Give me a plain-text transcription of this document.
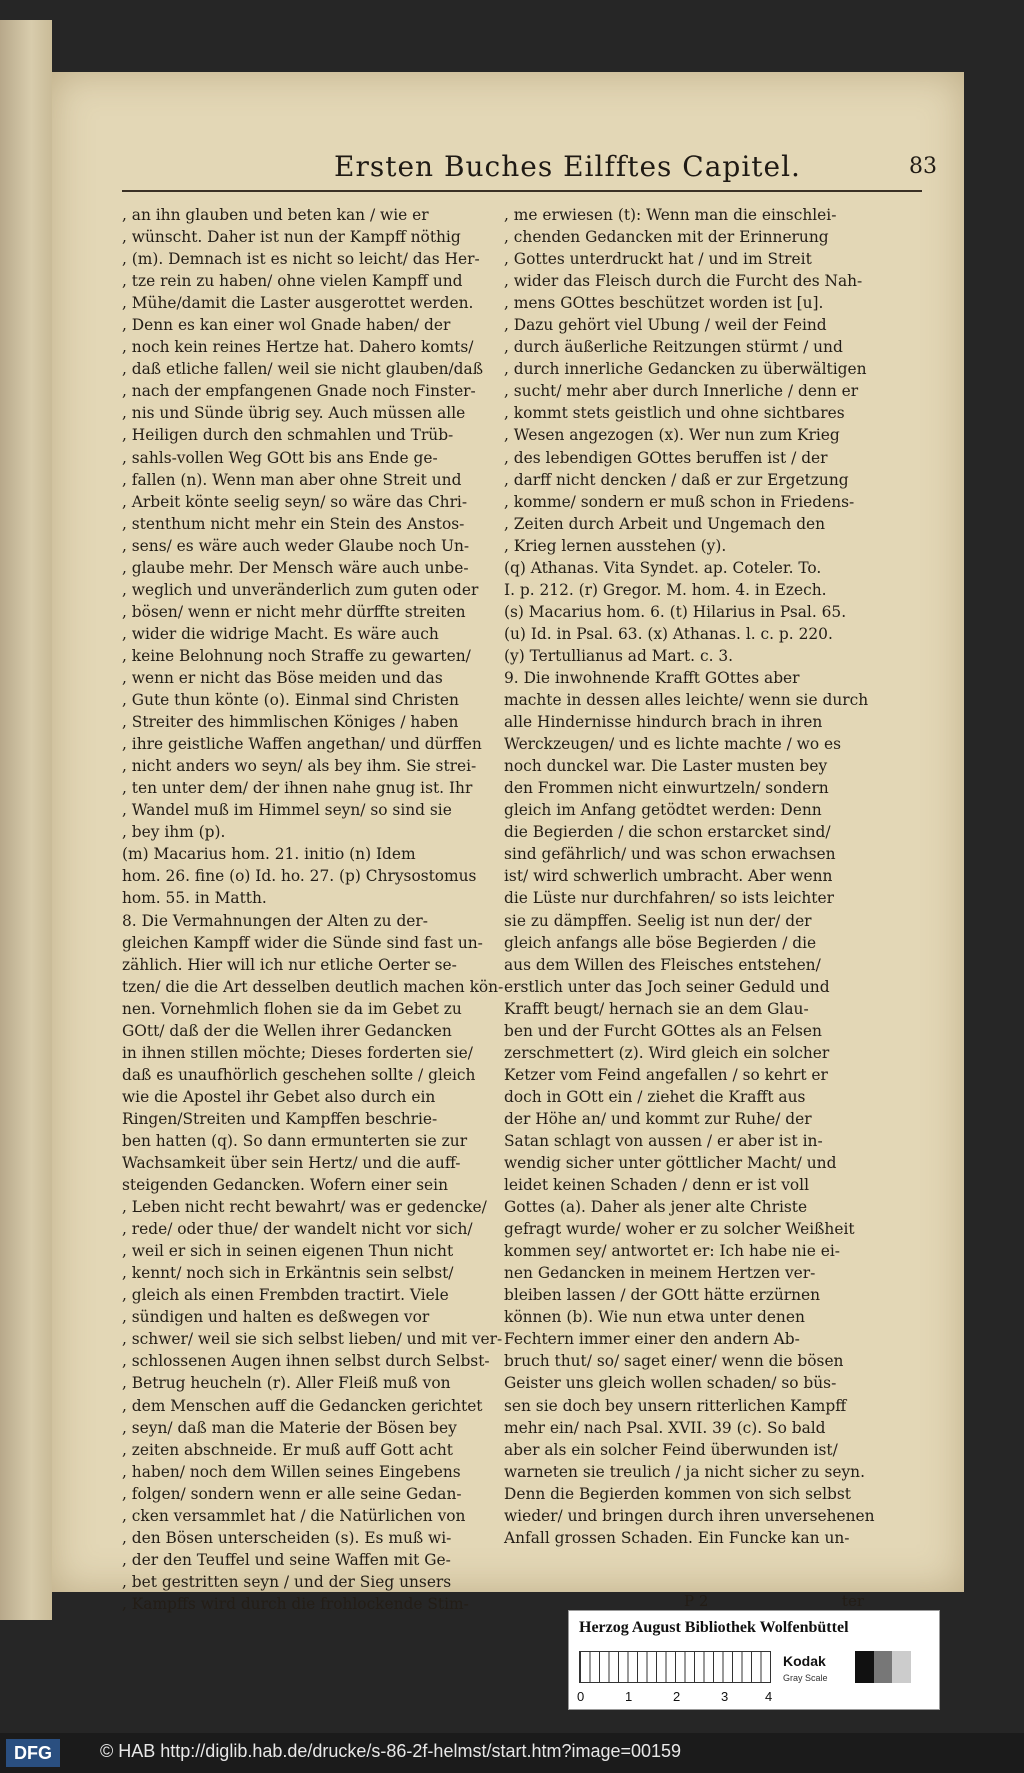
Ersten Buches Eilfftes Capitel.	83
, an ihn glauben und beten kan / wie er
, wünscht. Daher ist nun der Kampff nöthig
, (m). Demnach ist es nicht so leicht/ das Her-
, tze rein zu haben/ ohne vielen Kampff und
, Mühe/damit die Laster ausgerottet werden.
, Denn es kan einer wol Gnade haben/ der
, noch kein reines Hertze hat. Dahero komts/
, daß etliche fallen/ weil sie nicht glauben/daß
, nach der empfangenen Gnade noch Finster-
, nis und Sünde übrig sey. Auch müssen alle
, Heiligen durch den schmahlen und Trüb-
, sahls-vollen Weg GOtt bis ans Ende ge-
, fallen (n). Wenn man aber ohne Streit und
, Arbeit könte seelig seyn/ so wäre das Chri-
, stenthum nicht mehr ein Stein des Anstos-
, sens/ es wäre auch weder Glaube noch Un-
, glaube mehr. Der Mensch wäre auch unbe-
, weglich und unveränderlich zum guten oder
, bösen/ wenn er nicht mehr dürffte streiten
, wider die widrige Macht. Es wäre auch
, keine Belohnung noch Straffe zu gewarten/
, wenn er nicht das Böse meiden und das
, Gute thun könte (o). Einmal sind Christen
, Streiter des himmlischen Königes / haben
, ihre geistliche Waffen angethan/ und dürffen
, nicht anders wo seyn/ als bey ihm. Sie strei-
, ten unter dem/ der ihnen nahe gnug ist. Ihr
, Wandel muß im Himmel seyn/ so sind sie
, bey ihm (p).
(m) Macarius hom. 21. initio (n) Idem
hom. 26. fine (o) Id. ho. 27. (p) Chrysostomus
hom. 55. in Matth.
8. Die Vermahnungen der Alten zu der-
gleichen Kampff wider die Sünde sind fast un-
zählich. Hier will ich nur etliche Oerter se-
tzen/ die die Art desselben deutlich machen kön-
nen. Vornehmlich flohen sie da im Gebet zu
GOtt/ daß der die Wellen ihrer Gedancken
in ihnen stillen möchte; Dieses forderten sie/
daß es unaufhörlich geschehen sollte / gleich
wie die Apostel ihr Gebet also durch ein
Ringen/Streiten und Kampffen beschrie-
ben hatten (q). So dann ermunterten sie zur
Wachsamkeit über sein Hertz/ und die auff-
steigenden Gedancken. Wofern einer sein
, Leben nicht recht bewahrt/ was er gedencke/
, rede/ oder thue/ der wandelt nicht vor sich/
, weil er sich in seinen eigenen Thun nicht
, kennt/ noch sich in Erkäntnis sein selbst/
, gleich als einen Frembden tractirt. Viele
, sündigen und halten es deßwegen vor
, schwer/ weil sie sich selbst lieben/ und mit ver-
, schlossenen Augen ihnen selbst durch Selbst-
, Betrug heucheln (r). Aller Fleiß muß von
, dem Menschen auff die Gedancken gerichtet
, seyn/ daß man die Materie der Bösen bey
, zeiten abschneide. Er muß auff Gott acht
, haben/ noch dem Willen seines Eingebens
, folgen/ sondern wenn er alle seine Gedan-
, cken versammlet hat / die Natürlichen von
, den Bösen unterscheiden (s). Es muß wi-
, der den Teuffel und seine Waffen mit Ge-
, bet gestritten seyn / und der Sieg unsers
, Kampffs wird durch die frohlockende Stim-
, me erwiesen (t): Wenn man die einschlei-
, chenden Gedancken mit der Erinnerung
, Gottes unterdruckt hat / und im Streit
, wider das Fleisch durch die Furcht des Nah-
, mens GOttes beschützet worden ist [u].
, Dazu gehört viel Ubung / weil der Feind
, durch äußerliche Reitzungen stürmt / und
, durch innerliche Gedancken zu überwältigen
, sucht/ mehr aber durch Innerliche / denn er
, kommt stets geistlich und ohne sichtbares
, Wesen angezogen (x). Wer nun zum Krieg
, des lebendigen GOttes beruffen ist / der
, darff nicht dencken / daß er zur Ergetzung
, komme/ sondern er muß schon in Friedens-
, Zeiten durch Arbeit und Ungemach den
, Krieg lernen ausstehen (y).
(q) Athanas. Vita Syndet. ap. Coteler. To.
I. p. 212. (r) Gregor. M. hom. 4. in Ezech.
(s) Macarius hom. 6. (t) Hilarius in Psal. 65.
(u) Id. in Psal. 63. (x) Athanas. l. c. p. 220.
(y) Tertullianus ad Mart. c. 3.
9. Die inwohnende Krafft GOttes aber
machte in dessen alles leichte/ wenn sie durch
alle Hindernisse hindurch brach in ihren
Werckzeugen/ und es lichte machte / wo es
noch dunckel war. Die Laster musten bey
den Frommen nicht einwurtzeln/ sondern
gleich im Anfang getödtet werden: Denn
die Begierden / die schon erstarcket sind/
sind gefährlich/ und was schon erwachsen
ist/ wird schwerlich umbracht. Aber wenn
die Lüste nur durchfahren/ so ists leichter
sie zu dämpffen. Seelig ist nun der/ der
gleich anfangs alle böse Begierden / die
aus dem Willen des Fleisches entstehen/
erstlich unter das Joch seiner Geduld und
Krafft beugt/ hernach sie an dem Glau-
ben und der Furcht GOttes als an Felsen
zerschmettert (z). Wird gleich ein solcher
Ketzer vom Feind angefallen / so kehrt er
doch in GOtt ein / ziehet die Krafft aus
der Höhe an/ und kommt zur Ruhe/ der
Satan schlagt von aussen / er aber ist in-
wendig sicher unter göttlicher Macht/ und
leidet keinen Schaden / denn er ist voll
Gottes (a). Daher als jener alte Christe
gefragt wurde/ woher er zu solcher Weißheit
kommen sey/ antwortet er: Ich habe nie ei-
nen Gedancken in meinem Hertzen ver-
bleiben lassen / der GOtt hätte erzürnen
können (b). Wie nun etwa unter denen
Fechtern immer einer den andern Ab-
bruch thut/ so/ saget einer/ wenn die bösen
Geister uns gleich wollen schaden/ so büs-
sen sie doch bey unsern ritterlichen Kampff
mehr ein/ nach Psal. XVII. 39 (c). So bald
aber als ein solcher Feind überwunden ist/
warneten sie treulich / ja nicht sicher zu seyn.
Denn die Begierden kommen von sich selbst
wieder/ und bringen durch ihren unversehenen
Anfall grossen Schaden. Ein Funcke kan un-
P 2	ter
Herzog August Bibliothek Wolfenbüttel
0	1	2	3	4
Kodak
Gray Scale
DFG	© HAB http://diglib.hab.de/drucke/s-86-2f-helmst/start.htm?image=00159
